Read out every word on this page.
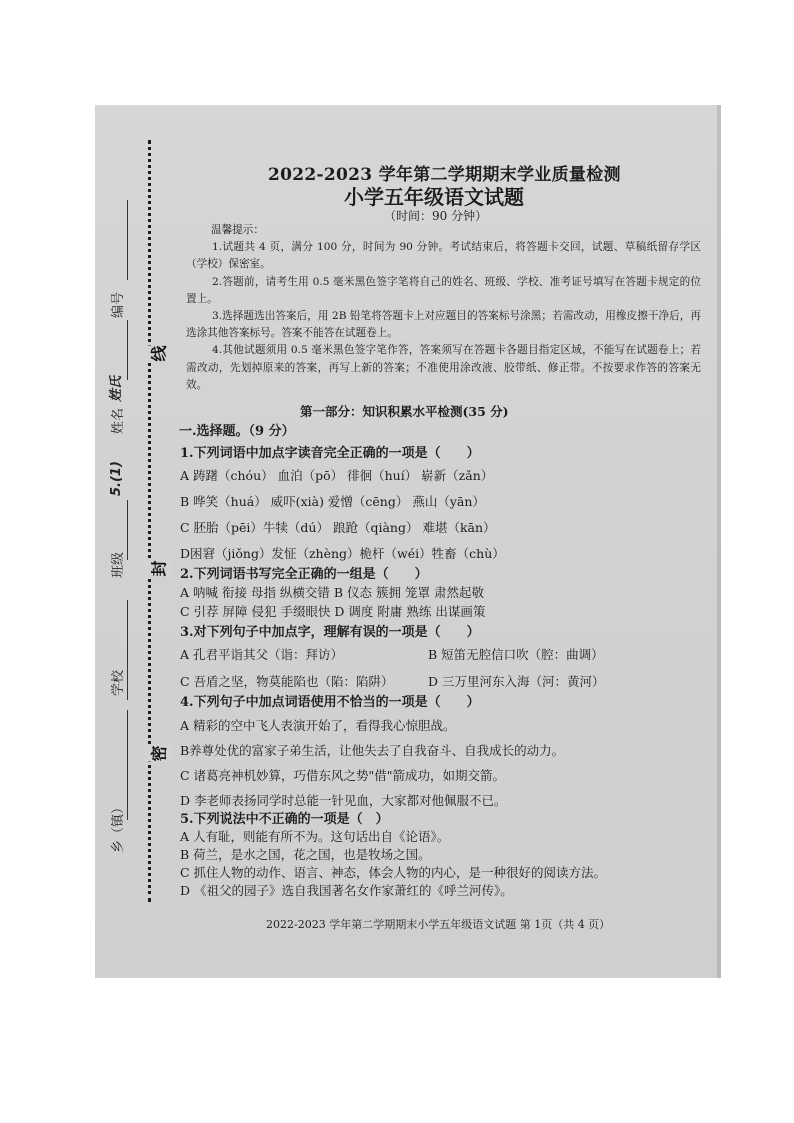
编号
姓氏
姓名
5.(1)
班级
学校
乡（镇）
线
封
密
2022-2023 学年第二学期期末学业质量检测
小学五年级语文试题
（时间：90 分钟）
温馨提示：

1.试题共 4 页，满分 100 分，时间为 90 分钟。考试结束后，将答题卡交回，试题、草稿纸留存学区（学校）保密室。

2.答题前，请考生用 0.5 毫米黑色签字笔将自己的姓名、班级、学校、准考证号填写在答题卡规定的位置上。

3.选择题选出答案后，用 2B 铅笔将答题卡上对应题目的答案标号涂黑；若需改动，用橡皮擦干净后，再选涂其他答案标号。答案不能答在试题卷上。

4.其他试题须用 0.5 毫米黑色签字笔作答，答案须写在答题卡各题目指定区域，不能写在试题卷上；若需改动，先划掉原来的答案，再写上新的答案；不准使用涂改液、胶带纸、修正带。不按要求作答的答案无效。

第一部分：知识积累水平检测(35 分)
一.选择题。（9 分）
1.下列词语中加点字读音完全正确的一项是（　　）
A 踌躇（chóu） 血泊（pō） 徘徊（huí） 崭新（zǎn）
B 哗笑（huá） 威吓(xià) 爱憎（cēng） 燕山（yān）
C 胚胎（pēi）牛犊（dú） 踉跄（qiàng） 难堪（kān）
D困窘（jiǒng）发怔（zhèng）桅杆（wéi）牲畜（chù）
2.下列词语书写完全正确的一组是（　　）
A 呐喊 衔接 母指 纵横交错 B 仪态 簇拥 笼罩 肃然起敬
C 引荐 屏障 侵犯 手缀眼快 D 调度 附庸 熟练 出谋画策
3.对下列句子中加点字，理解有误的一项是（　　）
A 孔君平诣其父（诣：拜访）	B 短笛无腔信口吹（腔：曲调）
C 吾盾之坚，物莫能陷也（陷：陷阱）	D 三万里河东入海（河：黄河）
4.下列句子中加点词语使用不恰当的一项是（　　）
A 精彩的空中飞人表演开始了，看得我心惊胆战。
B养尊处优的富家子弟生活，让他失去了自我奋斗、自我成长的动力。
C 诸葛亮神机妙算，巧借东风之势"借"箭成功，如期交箭。
D 李老师表扬同学时总能一针见血，大家都对他佩服不已。
5.下列说法中不正确的一项是（　）
A 人有耻，则能有所不为。这句话出自《论语》。
B 荷兰，是水之国，花之国，也是牧场之国。
C 抓住人物的动作、语言、神态，体会人物的内心，是一种很好的阅读方法。
D 《祖父的园子》选自我国著名女作家萧红的《呼兰河传》。
2022-2023 学年第二学期期末小学五年级语文试题 第 1页（共 4 页）
